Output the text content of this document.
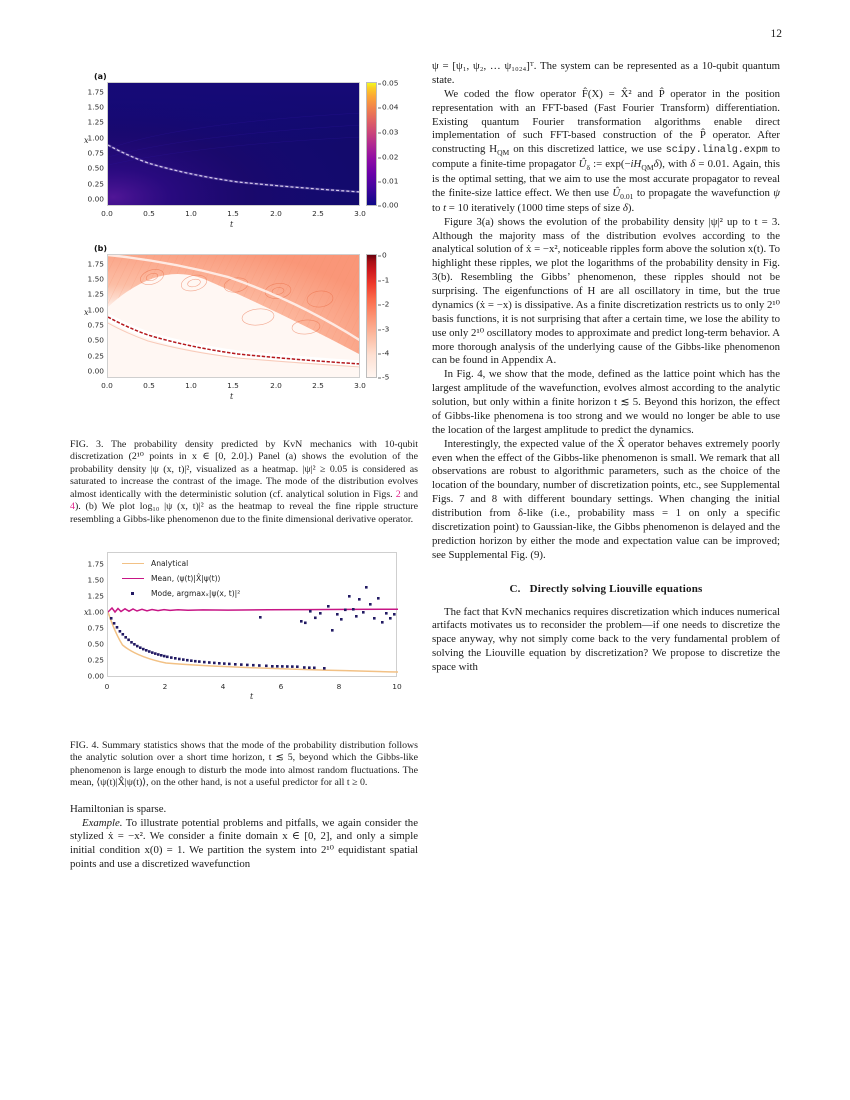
12
(a)
x
t
1.75
1.50
1.25
1.00
0.75
0.50
0.25
0.00
0.0	0.5	1.0	1.5	2.0	2.5	3.0
0.05
0.04
0.03
0.02
0.01
0.00
(b)
x
t
1.75
1.50
1.25
1.00
0.75
0.50
0.25
0.00
0.0	0.5	1.0	1.5	2.0	2.5	3.0
0
-1
-2
-3
-4
-5
FIG. 3. The probability density predicted by KvN mechanics with 10-qubit discretization (2¹⁰ points in x ∈ [0, 2.0].) Panel (a) shows the evolution of the probability density |ψ (x, t)|², visualized as a heatmap. |ψ|² ≥ 0.05 is considered as saturated to increase the contrast of the image. The mode of the distribution evolves almost identically with the deterministic solution (cf. analytical solution in Figs. 2 and 4). (b) We plot log₁₀ |ψ (x, t)|² as the heatmap to reveal the fine ripple structure resembling a Gibbs-like phenomenon due to the finite dimensional derivative operator.
Analytical
Mean, ⟨ψ(t)|X̂|ψ(t)⟩
Mode, argmaxₓ|ψ(x, t)|²
x
t
1.75
1.50
1.25
1.00
0.75
0.50
0.25
0.00
0	2	4	6	8	10
FIG. 4. Summary statistics shows that the mode of the probability distribution follows the analytic solution over a short time horizon, t ≲ 5, beyond which the Gibbs-like phenomenon is large enough to disturb the mode into almost random fluctuations. The mean, ⟨ψ(t)|X̂|ψ(t)⟩, on the other hand, is not a useful predictor for all t ≥ 0.

Hamiltonian is sparse.

Example. To illustrate potential problems and pitfalls, we again consider the stylized ẋ = −x². We consider a finite domain x ∈ [0, 2], and only a simple initial condition x(0) = 1. We partition the system into 2¹⁰ equidistant spatial points and use a discretized wavefunction

ψ = [ψ₁, ψ₂, … ψ₁₀₂₄]ᵀ. The system can be represented as a 10-qubit quantum state.

We coded the flow operator F̂(X) = X̂² and P̂ operator in the position representation with an FFT-based (Fast Fourier Transform) differentiation. Existing quantum Fourier transformation algorithms enable direct implementation of such FFT-based construction of the P̂ operator. After constructing $H_{QM}$ on this discretized lattice, we use scipy.linalg.expm to compute a finite-time propagator $Û_\delta$ := $\exp(-iH_{QM}\delta)$, with δ = 0.01. Again, this is the optimal setting, that we aim to use the most accurate propagator to reveal the finite-size lattice effect. We then use $Û_{0.01}$ to propagate the wavefunction ψ to t = 10 iteratively (1000 time steps of size δ).

Figure 3(a) shows the evolution of the probability density |ψ|² up to t = 3. Although the majority mass of the distribution evolves according to the analytical solution of ẋ = −x², noticeable ripples form above the solution x(t). To highlight these ripples, we plot the logarithms of the probability density in Fig. 3(b). Resembling the Gibbs’ phenomenon, these ripples should not be surprising. The eigenfunctions of H are all oscillatory in time, but the true dynamics (ẋ = −x) is dissipative. As a finite discretization restricts us to only 2¹⁰ basis functions, it is not surprising that after a certain time, we lose the ability to use only 2¹⁰ oscillatory modes to approximate and predict long-term behavior. A more thorough analysis of the underlying cause of the Gibbs-like phenomenon can be found in Appendix A.

In Fig. 4, we show that the mode, defined as the lattice point which has the largest amplitude of the wavefunction, evolves almost according to the analytic solution, but only within a finite horizon t ≲ 5. Beyond this horizon, the effect of Gibbs-like phenomena is too strong and we would no longer be able to use the location of the largest amplitude to predict the dynamics.

Interestingly, the expected value of the X̂ operator behaves extremely poorly even when the effect of the Gibbs-like phenomenon is small. We remark that all observations are robust to algorithmic parameters, such as the choice of the location of the boundary, number of discretization points, etc., see Supplemental Figs. 7 and 8 with different boundary settings. When changing the initial distribution from δ-like (i.e., probability mass = 1 on only a specific discretization point) to Gaussian-like, the Gibbs phenomenon is delayed and the prediction horizon by either the mode and expectation value can be improved; see Supplemental Fig. (9).

C. Directly solving Liouville equations

The fact that KvN mechanics requires discretization which induces numerical artifacts motivates us to reconsider the problem—if one needs to discretize the space anyway, why not simply come back to the very fundamental problem of solving the Liouville equation by discretization? We propose to discretize the space with
